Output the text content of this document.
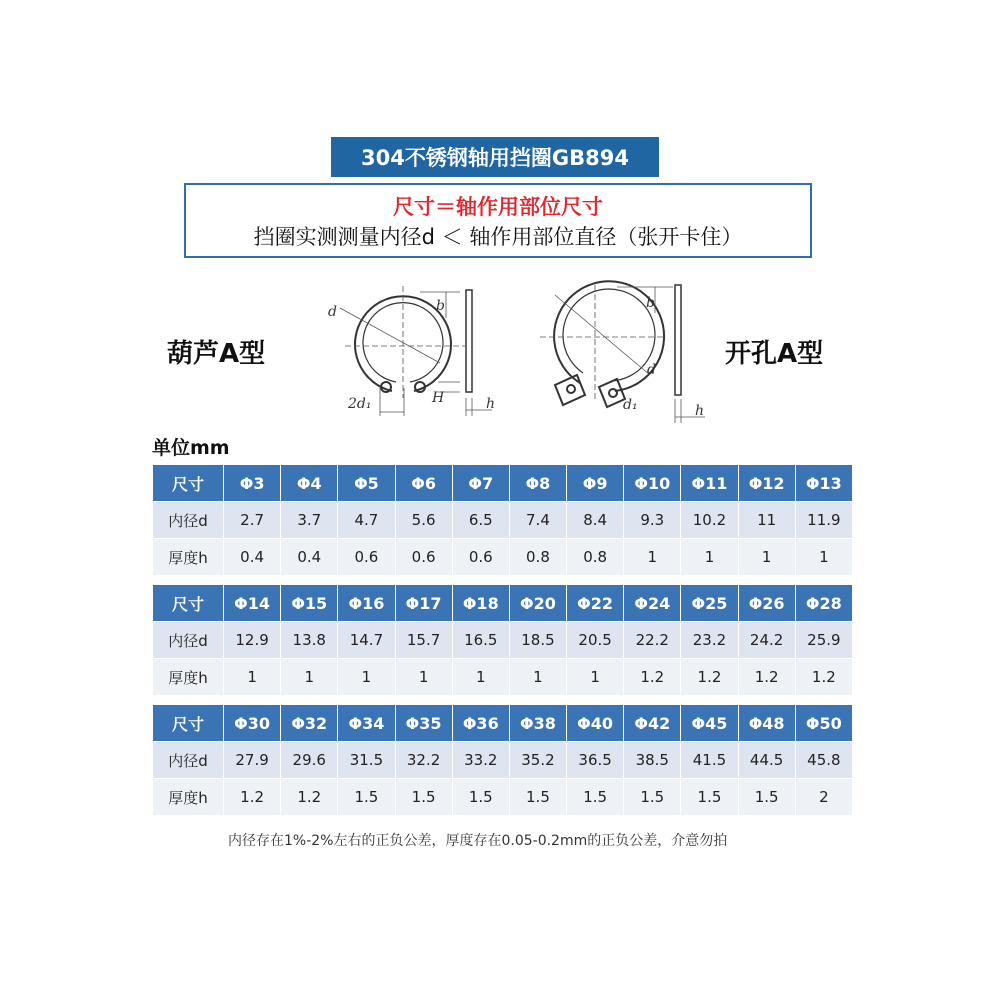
304不锈钢轴用挡圈GB894
尺寸＝轴作用部位尺寸
挡圈实测测量内径d ＜ 轴作用部位直径（张开卡住）
葫芦A型	开孔A型
d	b
2d₁	H	h
b
d
d₁	h
单位mm
尺寸	Φ3	Φ4	Φ5	Φ6	Φ7	Φ8	Φ9	Φ10	Φ11	Φ12	Φ13
内径d	2.7	3.7	4.7	5.6	6.5	7.4	8.4	9.3	10.2	11	11.9
厚度h	0.4	0.4	0.6	0.6	0.6	0.8	0.8	1	1	1	1
尺寸	Φ14	Φ15	Φ16	Φ17	Φ18	Φ20	Φ22	Φ24	Φ25	Φ26	Φ28
内径d	12.9	13.8	14.7	15.7	16.5	18.5	20.5	22.2	23.2	24.2	25.9
厚度h	1	1	1	1	1	1	1	1.2	1.2	1.2	1.2
尺寸	Φ30	Φ32	Φ34	Φ35	Φ36	Φ38	Φ40	Φ42	Φ45	Φ48	Φ50
内径d	27.9	29.6	31.5	32.2	33.2	35.2	36.5	38.5	41.5	44.5	45.8
厚度h	1.2	1.2	1.5	1.5	1.5	1.5	1.5	1.5	1.5	1.5	2
内径存在1%-2%左右的正负公差，厚度存在0.05-0.2mm的正负公差，介意勿拍
